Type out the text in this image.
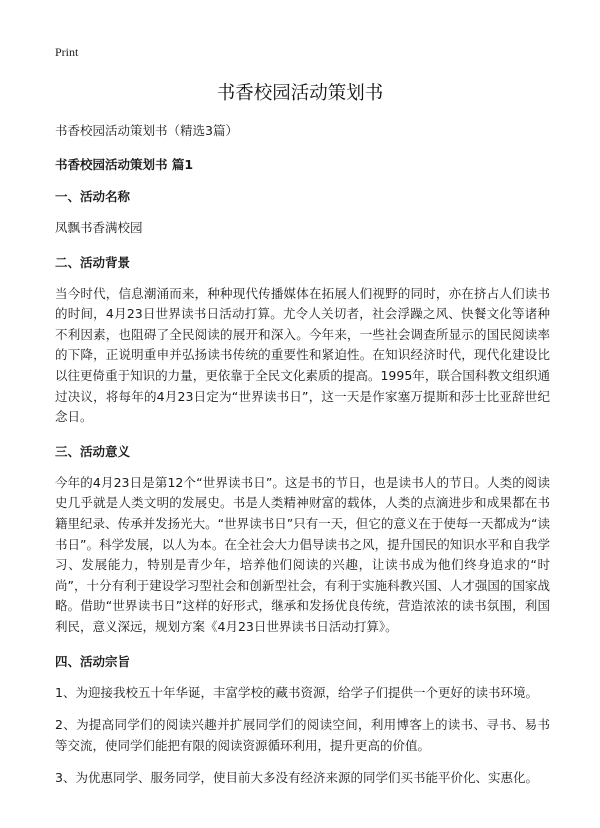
Print
书香校园活动策划书

书香校园活动策划书（精选3篇）

书香校园活动策划书 篇1

一、活动名称

凤飘书香满校园

二、活动背景

当今时代，信息潮涌而来，种种现代传播媒体在拓展人们视野的同时，亦在挤占人们读书的时间，4月23日世界读书日活动打算。尤令人关切者，社会浮躁之风、快餐文化等诸种不利因素，也阻碍了全民阅读的展开和深入。今年来，一些社会调查所显示的国民阅读率的下降，正说明重申并弘扬读书传统的重要性和紧迫性。在知识经济时代，现代化建设比以往更倚重于知识的力量，更依靠于全民文化素质的提高。1995年，联合国科教文组织通过决议，将每年的4月23日定为“世界读书日”，这一天是作家塞万提斯和莎士比亚辞世纪念日。

三、活动意义

今年的4月23日是第12个“世界读书日”。这是书的节日，也是读书人的节日。人类的阅读史几乎就是人类文明的发展史。书是人类精神财富的载体，人类的点滴进步和成果都在书籍里纪录、传承并发扬光大。“世界读书日”只有一天，但它的意义在于使每一天都成为“读书日”。科学发展，以人为本。在全社会大力倡导读书之风，提升国民的知识水平和自我学习、发展能力，特别是青少年，培养他们阅读的兴趣，让读书成为他们终身追求的“时尚”，十分有利于建设学习型社会和创新型社会，有利于实施科教兴国、人才强国的国家战略。借助“世界读书日”这样的好形式，继承和发扬优良传统，营造浓浓的读书氛围，利国利民，意义深远，规划方案《4月23日世界读书日活动打算》。

四、活动宗旨

1、为迎接我校五十年华诞，丰富学校的藏书资源，给学子们提供一个更好的读书环境。

2、为提高同学们的阅读兴趣并扩展同学们的阅读空间，利用博客上的读书、寻书、易书等交流，使同学们能把有限的阅读资源循环利用，提升更高的价值。

3、为优惠同学、服务同学，使目前大多没有经济来源的同学们买书能平价化、实惠化。
